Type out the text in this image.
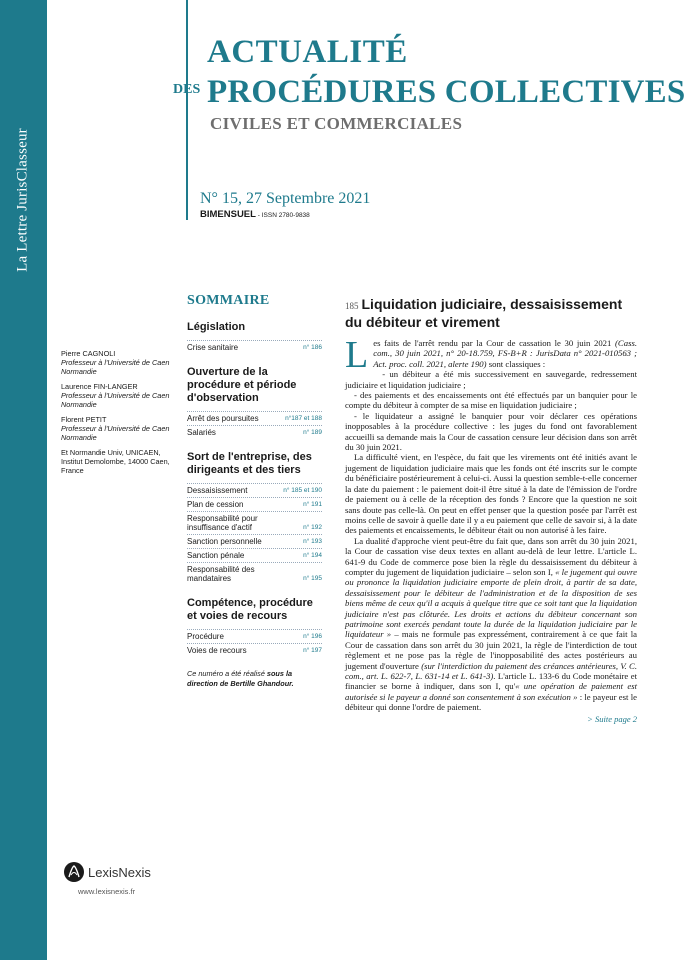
La Lettre JurisClasseur
ACTUALITÉ
DES PROCÉDURES COLLECTIVES
CIVILES ET COMMERCIALES
N° 15, 27 Septembre 2021
BIMENSUEL - ISSN 2780-9838
Pierre CAGNOLI
Professeur à l'Université de Caen Normandie
Laurence FIN-LANGER
Professeur à l'Université de Caen Normandie
Florent PETIT
Professeur à l'Université de Caen Normandie
Et Normandie Univ, UNICAEN, Institut Demolombe, 14000 Caen, France
LexisNexis
www.lexisnexis.fr
SOMMAIRE
Législation
Crise sanitaire	n° 186
Ouverture de la procédure et période d'observation
Arrêt des poursuites	n°187 et 188
Salariés	n° 189
Sort de l'entreprise, des dirigeants et des tiers
Dessaisissement	n° 185 et 190
Plan de cession	n° 191
Responsabilité pour insuffisance d'actif	n° 192
Sanction personnelle	n° 193
Sanction pénale	n° 194
Responsabilité des mandataires	n° 195
Compétence, procédure et voies de recours
Procédure	n° 196
Voies de recours	n° 197
Ce numéro a été réalisé sous la direction de Bertille Ghandour.
185 Liquidation judiciaire, dessaisissement du débiteur et virement
Les faits de l'arrêt rendu par la Cour de cassation le 30 juin 2021 (Cass. com., 30 juin 2021, n° 20-18.759, FS-B+R : JurisData n° 2021-010563 ; Act. proc. coll. 2021, alerte 190) sont classiques :
- un débiteur a été mis successivement en sauvegarde, redressement judiciaire et liquidation judiciaire ;
- des paiements et des encaissements ont été effectués par un banquier pour le compte du débiteur à compter de sa mise en liquidation judiciaire ;
- le liquidateur a assigné le banquier pour voir déclarer ces opérations inopposables à la procédure collective : les juges du fond ont favorablement accueilli sa demande mais la Cour de cassation censure leur décision dans son arrêt du 30 juin 2021.
La difficulté vient, en l'espèce, du fait que les virements ont été initiés avant le jugement de liquidation judiciaire mais que les fonds ont été inscrits sur le compte du bénéficiaire postérieurement à celui-ci. Aussi la question semble-t-elle concerner la date du paiement : le paiement doit-il être situé à la date de l'émission de l'ordre de paiement ou à celle de la réception des fonds ? Encore que la question ne soit sans doute pas celle-là. On peut en effet penser que la question posée par l'arrêt est moins celle de savoir à quelle date il y a eu paiement que celle de savoir si, à la date des paiements et encaissements, le débiteur était ou non autorisé à les faire.
La dualité d'approche vient peut-être du fait que, dans son arrêt du 30 juin 2021, la Cour de cassation vise deux textes en allant au-delà de leur lettre. L'article L. 641-9 du Code de commerce pose bien la règle du dessaisissement du débiteur à compter du jugement de liquidation judiciaire – selon son I, « le jugement qui ouvre ou prononce la liquidation judiciaire emporte de plein droit, à partir de sa date, dessaisissement pour le débiteur de l'administration et de la disposition de ses biens même de ceux qu'il a acquis à quelque titre que ce soit tant que la liquidation judiciaire n'est pas clôturée. Les droits et actions du débiteur concernant son patrimoine sont exercés pendant toute la durée de la liquidation judiciaire par le liquidateur » – mais ne formule pas expressément, contrairement à ce que fait la Cour de cassation dans son arrêt du 30 juin 2021, la règle de l'interdiction de tout règlement et ne pose pas la règle de l'inopposabilité des actes postérieurs au jugement d'ouverture (sur l'interdiction du paiement des créances antérieures, V. C. com., art. L. 622-7, L. 631-14 et L. 641-3). L'article L. 133-6 du Code monétaire et financier se borne à indiquer, dans son I, qu'« une opération de paiement est autorisée si le payeur a donné son consentement à son exécution » : le payeur est le débiteur qui donne l'ordre de paiement.
> Suite page 2
